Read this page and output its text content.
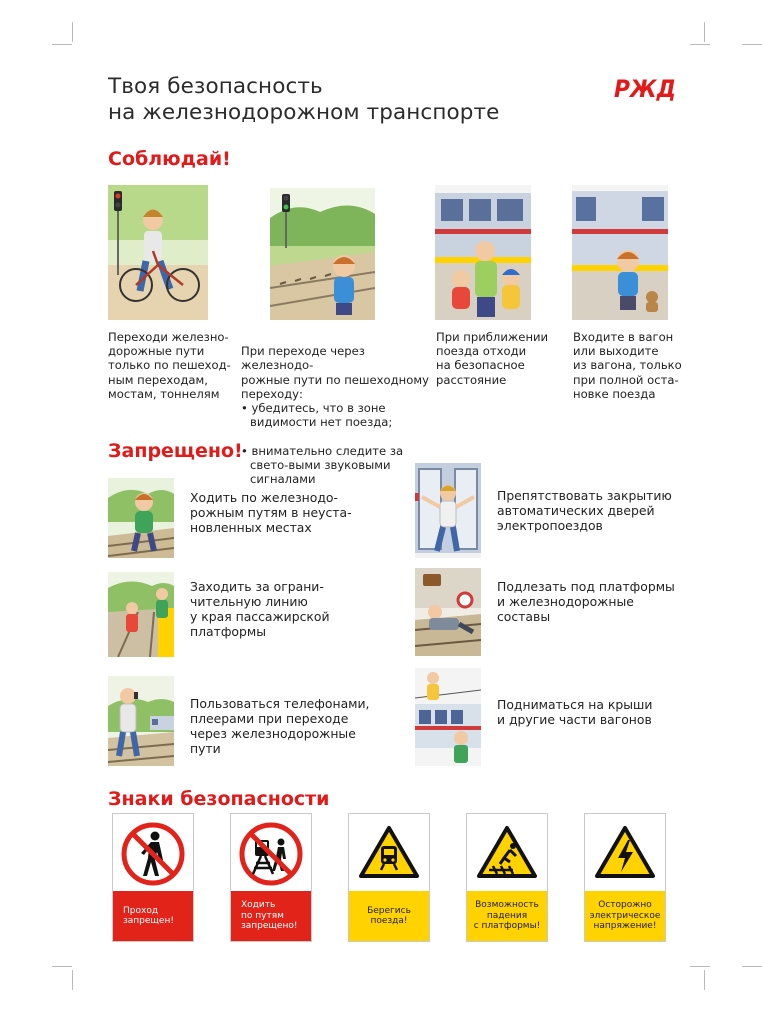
Твоя безопасность
на железнодорожном транспорте
РЖД
Соблюдай!
Переходи железно-
дорожные пути
только по пешеход-
ным переходам,
мостам, тоннелям

При переходе через железнодо-
рожные пути по пешеходному
переходу:

• убедитесь, что в зоне видимости нет поезда;

• внимательно следите за свето-выми звуковыми сигналами

При приближении
поезда отходи
на безопасное
расстояние
Входите в вагон
или выходите
из вагона, только
при полной оста-
новке поезда
Запрещено!
Ходить по железнодо-
рожным путям в неуста-
новленных местах
Препятствовать закрытию
автоматических дверей
электропоездов
Заходить за ограни-
чительную линию
у края пассажирской
платформы
Подлезать под платформы
и железнодорожные
составы
Пользоваться телефонами,
плеерами при переходе
через железнодорожные
пути
Подниматься на крыши
и другие части вагонов
Знаки безопасности
Проход
запрещен!
Ходить
по путям
запрещено!
Берегись
поезда!
Возможность
падения
с платформы!
Осторожно
электрическое
напряжение!
